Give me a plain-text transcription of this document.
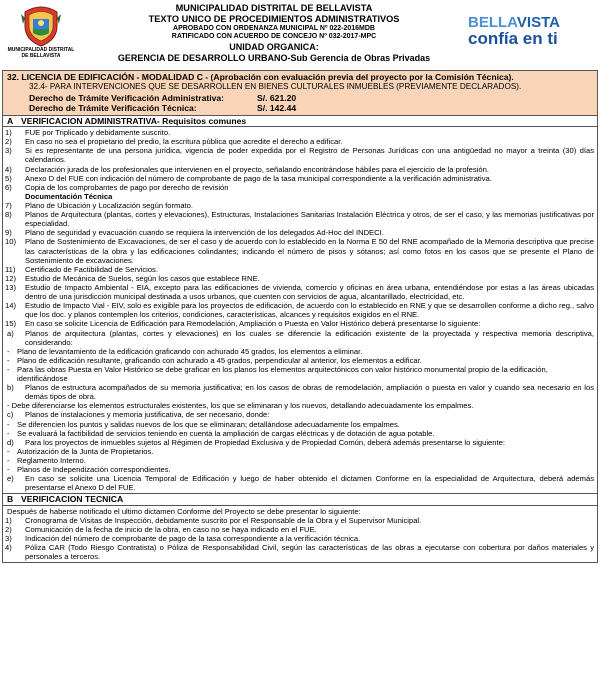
MUNICIPALIDAD DISTRITAL
DE BELLAVISTA
MUNICIPALIDAD DISTRITAL DE BELLAVISTA
TEXTO UNICO DE PROCEDIMIENTOS ADMINISTRATIVOS
APROBADO CON ORDENANZA MUNICIPAL Nº 022-2016MDB
RATIFICADO CON ACUERDO DE CONCEJO Nº 032-2017-MPC
UNIDAD ORGANICA:
GERENCIA DE DESARROLLO URBANO-Sub Gerencia de Obras Privadas
BELLAVISTA
confía en ti
32. LICENCIA DE EDIFICACIÓN - MODALIDAD C - (Aprobación con evaluación previa del proyecto por la Comisión Técnica).
32.4- PARA INTERVENCIONES QUE SE DESARROLLEN EN BIENES CULTURALES INMUEBLES (PREVIAMENTE DECLARADOS).
Derecho de Trámite Verificación Administrativa:	S/. 621.20
Derecho de Trámite Verificación Técnica:	S/. 142.44
A VERIFICACION ADMINISTRATIVA- Requisitos comunes
1)	FUE por Triplicado y debidamente suscrito.
2)	En caso no sea el propietario del predio, la escritura pública que acredite el derecho a edificar.
3)	Si es representante de una persona jurídica, vigencia de poder expedida por el Registro de Personas Jurídicas con una antigüedad no mayor a treinta (30) días calendarios.
4)	Declaración jurada de los profesionales que intervienen en el proyecto, señalando encontrándose hábiles para el ejercicio de la profesión.
5)	Anexo D del FUE con indicación del número de comprobante de pago de la tasa municipal correspondiente a la verificación administrativa.
6)	Copia de los comprobantes de pago por derecho de revisión
Documentación Técnica
7)	Plano de Ubicación y Localización según formato.
8)	Planos de Arquitectura (plantas, cortes y elevaciones), Estructuras, Instalaciones Sanitarias Instalación Eléctrica y otros, de ser el caso, y las memorias justificativas por especialidad.
9)	Plano de seguridad y evacuación cuando se requiera la intervención de los delegados Ad-Hoc del INDECI.
10)	Plano de Sostenimiento de Excavaciones, de ser el caso y de acuerdo con lo establecido en la Norma E 50 del RNE acompañado de la Memoria descriptiva que precise las características de la obra y las edificaciones colindantes; indicando el número de pisos y sótanos; así como fotos en los casos que se presente el Plano de Sostenimiento de excavaciones.
11)	Certificado de Factibilidad de Servicios.
12)	Estudio de Mecánica de Suelos, según los casos que establece RNE.
13)	Estudio de Impacto Ambiental - EIA, excepto para las edificaciones de vivienda, comercio y oficinas en área urbana, entendiéndose por estas a las áreas ubicadas dentro de una jurisdicción municipal destinada a usos urbanos, que cuenten con servicios de agua, alcantarillado, electricidad, etc.
14)	Estudio de Impacto Vial - EIV, solo es exigible para los proyectos de edificación, de acuerdo con lo establecido en RNE y que se desarrollen conforme a dicho reg., salvo que los doc. y planos contemplen los criterios, condiciones, características, alcances y requisitos exigidos en el RNE.
15)	En caso se solicite Licencia de Edificación para Remodelación, Ampliación o Puesta en Valor Histórico deberá presentarse lo siguiente:
a)	Planos de arquitectura (plantas, cortes y elevaciones) en los cuales se diferencie la edificación existente de la proyectada y respectiva memoria descriptiva, considerando:
- Plano de levantamiento de la edificación graficando con achurado 45 grados, los elementos a eliminar.
- Plano de edificación resultante, graficando con achurado a 45 grados, perpendicular al anterior, los elementos a edificar.
- Para las obras Puesta en Valor Histórico se debe graficar en los planos los elementos arquitectónicos con valor histórico monumental propio de la edificación, identificándose
b)	Planos de estructura acompañados de su memoria justificativa; en los casos de obras de remodelación, ampliación o puesta en valor y cuando sea necesario en los demás tipos de obra.
- Debe diferenciarse los elementos estructurales existentes, los que se eliminaran y los nuevos, detallando adecuadamente los empalmes.
c)	Planos de instalaciones y memoria justificativa, de ser necesario, donde:
- Se diferencien los puntos y salidas nuevos de los que se eliminaran; detallándose adecuadamente los empalmes.
- Se evaluará la factibilidad de servicios teniendo en cuenta la ampliación de cargas eléctricas y de dotación de agua potable.
d)	Para los proyectos de inmuebles sujetos al Régimen de Propiedad Exclusiva y de Propiedad Común, deberá además presentarse lo siguiente:
- Autorización de la Junta de Propietarios.
- Reglamento Interno.
- Planos de Independización correspondientes.
e)	En caso se solicite una Licencia Temporal de Edificación y luego de haber obtenido el dictamen Conforme en la especialidad de Arquitectura, deberá además presentarse el Anexo D del FUE.
B VERIFICACION TECNICA
Después de haberse notificado el ultimo dictamen Conforme del Proyecto se debe presentar lo siguiente:
1)	Cronograma de Visitas de Inspección, debidamente suscrito por el Responsable de la Obra y el Supervisor Municipal.
2)	Comunicación de la fecha de inicio de la obra, en caso no se haya indicado en el FUE.
3)	Indicación del número de comprobante de pago de la tasa correspondiente a la verificación técnica.
4)	Póliza CAR (Todo Riesgo Contratista) o Póliza de Responsabilidad Civil, según las características de las obras a ejecutarse con cobertura por daños materiales y personales a terceros.
